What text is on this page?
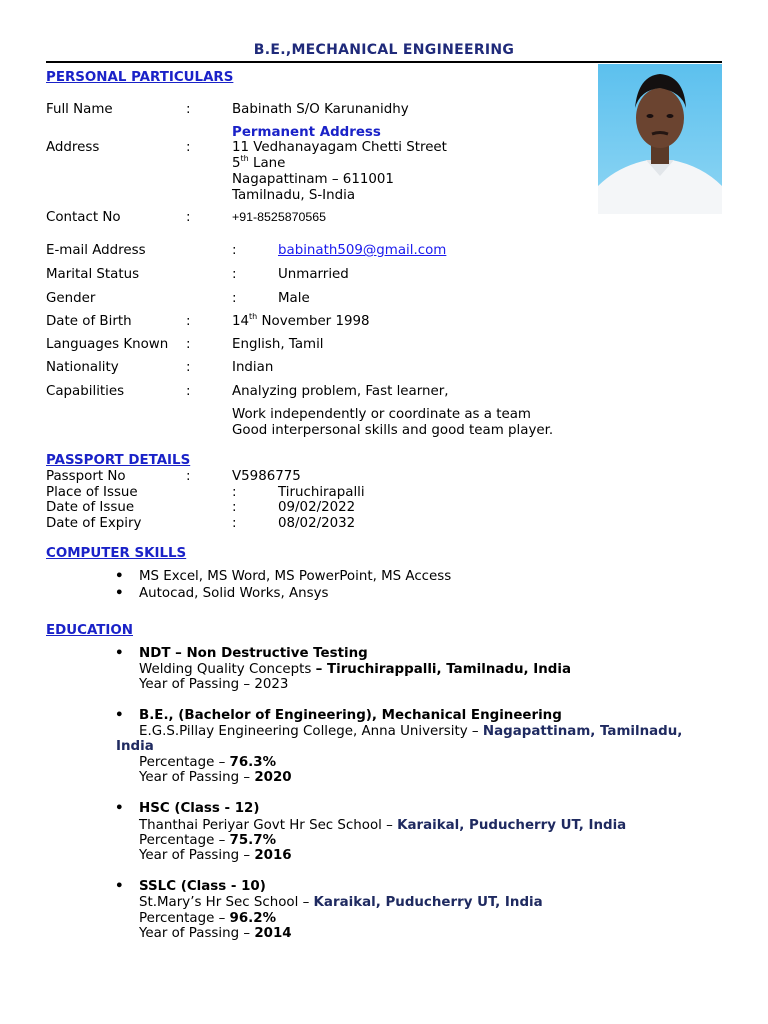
B.E.,MECHANICAL ENGINEERING
PERSONAL PARTICULARS
Full Name	:	Babinath S/O Karunanidhy
Permanent Address
Address	:	11 Vedhanayagam Chetti Street
5th Lane
Nagapattinam – 611001
Tamilnadu, S-India
Contact No	:	+91-8525870565
E-mail Address	:	babinath509@gmail.com
Marital Status	:	Unmarried
Gender	:	Male
Date of Birth	:	14th November 1998
Languages Known :	English, Tamil
Nationality	:	Indian
Capabilities	:	Analyzing problem, Fast learner,
Work independently or coordinate as a team
Good interpersonal skills and good team player.
PASSPORT DETAILS
Passport No	:	V5986775
Place of Issue	:	Tiruchirapalli
Date of Issue	:	09/02/2022
Date of Expiry	:	08/02/2032
COMPUTER SKILLS
• MS Excel, MS Word, MS PowerPoint, MS Access
• Autocad, Solid Works, Ansys
EDUCATION
• NDT – Non Destructive Testing
Welding Quality Concepts – Tiruchirappalli, Tamilnadu, India
Year of Passing – 2023
• B.E., (Bachelor of Engineering), Mechanical Engineering
E.G.S.Pillay Engineering College, Anna University – Nagapattinam, Tamilnadu,
India
Percentage – 76.3%
Year of Passing – 2020
• HSC (Class - 12)
Thanthai Periyar Govt Hr Sec School – Karaikal, Puducherry UT, India
Percentage – 75.7%
Year of Passing – 2016
• SSLC (Class - 10)
St.Mary’s Hr Sec School – Karaikal, Puducherry UT, India
Percentage – 96.2%
Year of Passing – 2014
